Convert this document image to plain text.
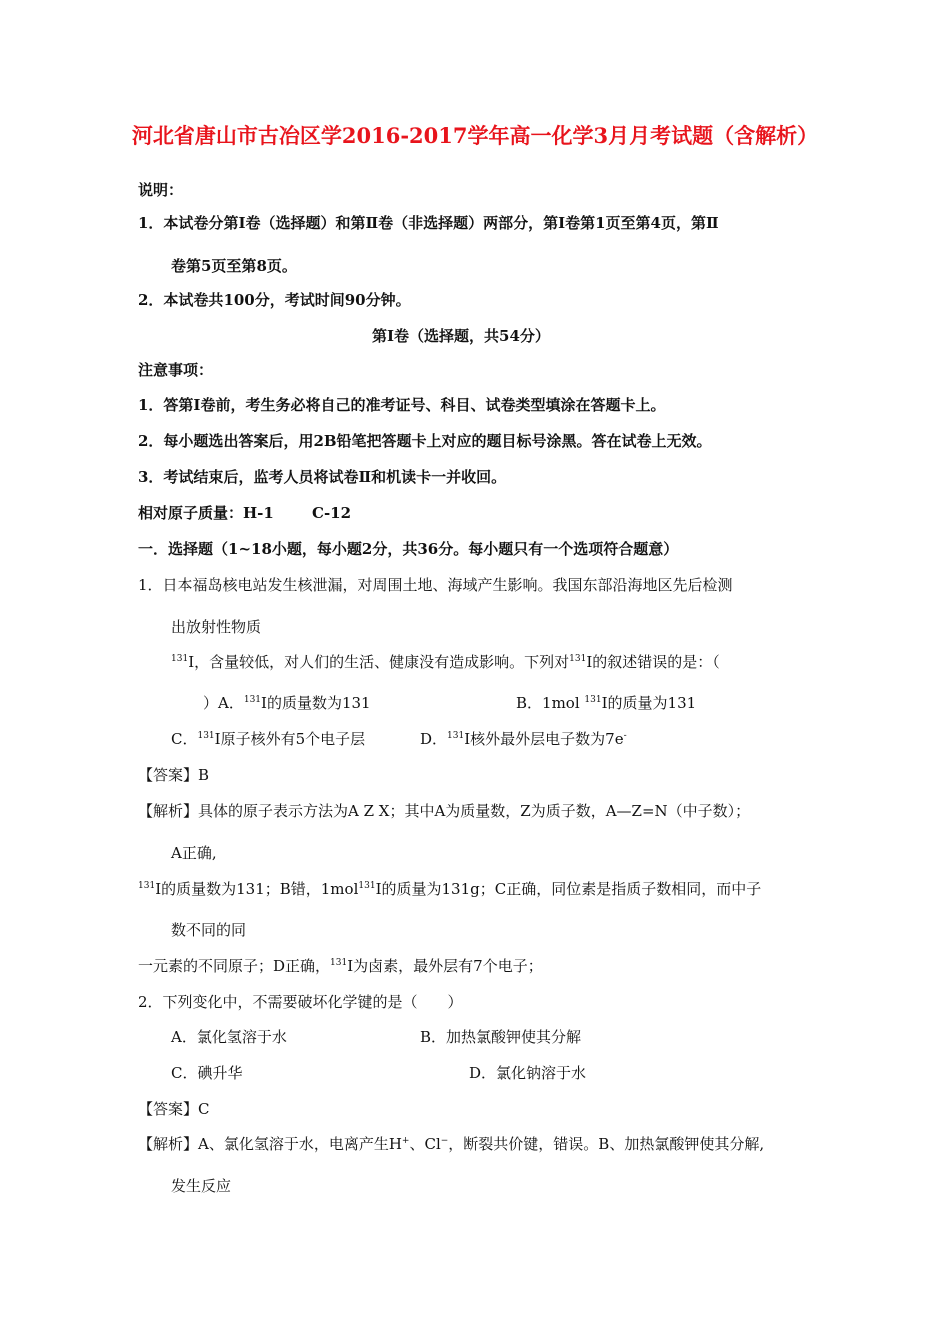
河北省唐山市古冶区学2016-2017学年高一化学3月月考试题（含解析）
说明：
1．本试卷分第Ⅰ卷（选择题）和第Ⅱ卷（非选择题）两部分，第Ⅰ卷第1页至第4页，第Ⅱ
卷第5页至第8页。
2．本试卷共100分，考试时间90分钟。
第Ⅰ卷（选择题，共54分）
注意事项：
1．答第Ⅰ卷前，考生务必将自己的准考证号、科目、试卷类型填涂在答题卡上。
2．每小题选出答案后，用2B铅笔把答题卡上对应的题目标号涂黑。答在试卷上无效。
3．考试结束后，监考人员将试卷Ⅱ和机读卡一并收回。
相对原子质量：H-1	C-12
一．选择题（1~18小题，每小题2分，共36分。每小题只有一个选项符合题意）
1．日本福岛核电站发生核泄漏，对周围土地、海域产生影响。我国东部沿海地区先后检测
出放射性物质
$^{131}$I，含量较低，对人们的生活、健康没有造成影响。下列对$^{131}$I的叙述错误的是：（
）A．$^{131}$I的质量数为131	B．1mol $^{131}$I的质量为131
C．$^{131}$I原子核外有5个电子层	D．$^{131}$I核外最外层电子数为7e-
【答案】B
【解析】具体的原子表示方法为A Z X；其中A为质量数，Z为质子数，A—Z=N（中子数）；
A正确,
$^{131}$I的质量数为131；B错，1mol$^{131}$I的质量为131g；C正确，同位素是指质子数相同，而中子
数不同的同
一元素的不同原子；D正确，$^{131}$I为卤素，最外层有7个电子；
2．下列变化中，不需要破坏化学键的是（　　）
A．氯化氢溶于水	B．加热氯酸钾使其分解
C．碘升华	D．氯化钠溶于水
【答案】C
【解析】A、氯化氢溶于水，电离产生H+、Cl−，断裂共价键，错误。B、加热氯酸钾使其分解,
发生反应
